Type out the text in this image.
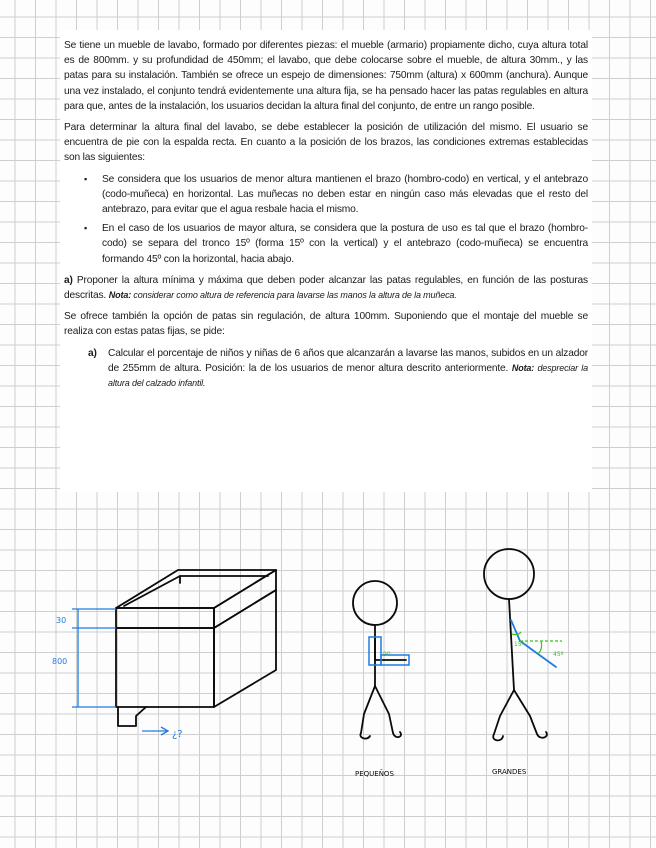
Se tiene un mueble de lavabo, formado por diferentes piezas: el mueble (armario) propiamente dicho, cuya altura total es de 800mm. y su profundidad de 450mm; el lavabo, que debe colocarse sobre el mueble, de altura 30mm., y las patas para su instalación. También se ofrece un espejo de dimensiones: 750mm (altura) x 600mm (anchura). Aunque una vez instalado, el conjunto tendrá evidentemente una altura fija, se ha pensado hacer las patas regulables en altura para que, antes de la instalación, los usuarios decidan la altura final del conjunto, de entre un rango posible.

Para determinar la altura final del lavabo, se debe establecer la posición de utilización del mismo. El usuario se encuentra de pie con la espalda recta. En cuanto a la posición de los brazos, las condiciones extremas establecidas son las siguientes:

▪ Se considera que los usuarios de menor altura mantienen el brazo (hombro-codo) en vertical, y el antebrazo (codo-muñeca) en horizontal. Las muñecas no deben estar en ningún caso más elevadas que el resto del antebrazo, para evitar que el agua resbale hacia el mismo.
▪ En el caso de los usuarios de mayor altura, se considera que la postura de uso es tal que el brazo (hombro-codo) se separa del tronco 15º (forma 15º con la vertical) y el antebrazo (codo-muñeca) se encuentra formando 45º con la horizontal, hacia abajo.

a) Proponer la altura mínima y máxima que deben poder alcanzar las patas regulables, en función de las posturas descritas. Nota: considerar como altura de referencia para lavarse las manos la altura de la muñeca.

Se ofrece también la opción de patas sin regulación, de altura 100mm. Suponiendo que el montaje del mueble se realiza con estas patas fijas, se pide:

a) Calcular el porcentaje de niños y niñas de 6 años que alcanzarán a lavarse las manos, subidos en un alzador de 255mm de altura. Posición: la de los usuarios de menor altura descrito anteriormente. Nota: despreciar la altura del calzado infantil.
30
800
¿?
90
15º
45º
PEQUEÑOS	GRANDES
